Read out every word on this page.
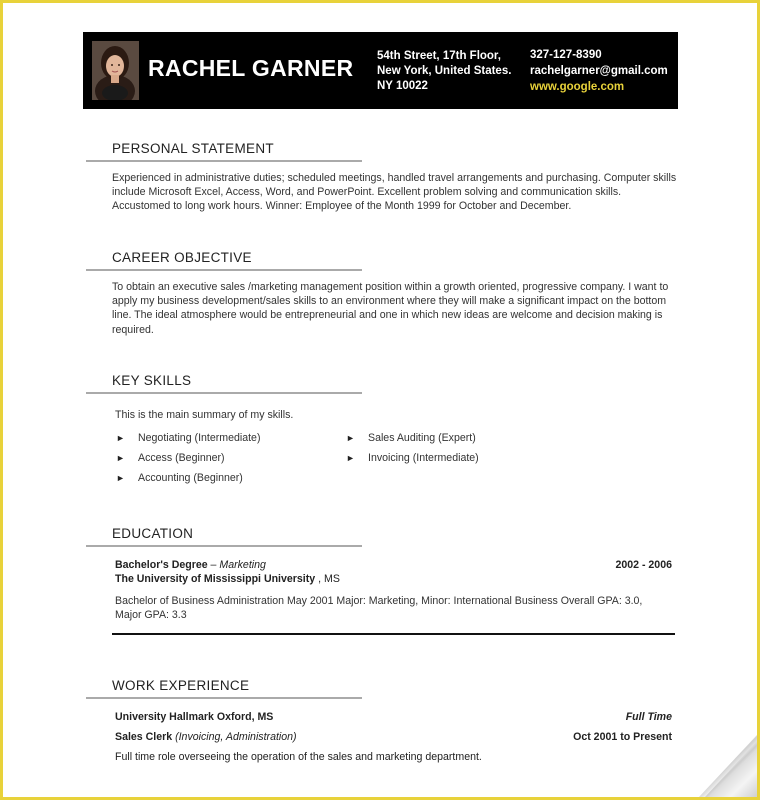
RACHEL GARNER 54th Street, 17th Floor,
New York, United States.
NY 10022
327-127-8390
rachelgarner@gmail.com
www.google.com
PERSONAL STATEMENT
Experienced in administrative duties; scheduled meetings, handled travel arrangements and purchasing. Computer skills include Microsoft Excel, Access, Word, and PowerPoint. Excellent problem solving and communication skills. Accustomed to long work hours. Winner: Employee of the Month 1999 for October and December.
CAREER OBJECTIVE
To obtain an executive sales /marketing management position within a growth oriented, progressive company. I want to apply my business development/sales skills to an environment where they will make a significant impact on the bottom line. The ideal atmosphere would be entrepreneurial and one in which new ideas are welcome and decision making is required.
KEY SKILLS
This is the main summary of my skills.
► Negotiating (Intermediate)
► Access (Beginner)
► Accounting (Beginner)
► Sales Auditing (Expert)
► Invoicing (Intermediate)
EDUCATION
Bachelor's Degree – Marketing	2002 - 2006
The University of Mississippi University , MS
Bachelor of Business Administration May 2001 Major: Marketing, Minor: International Business Overall GPA: 3.0, Major GPA: 3.3
WORK EXPERIENCE
University Hallmark Oxford, MS	Full Time
Sales Clerk (Invoicing, Administration)	Oct 2001 to Present
Full time role overseeing the operation of the sales and marketing department.
